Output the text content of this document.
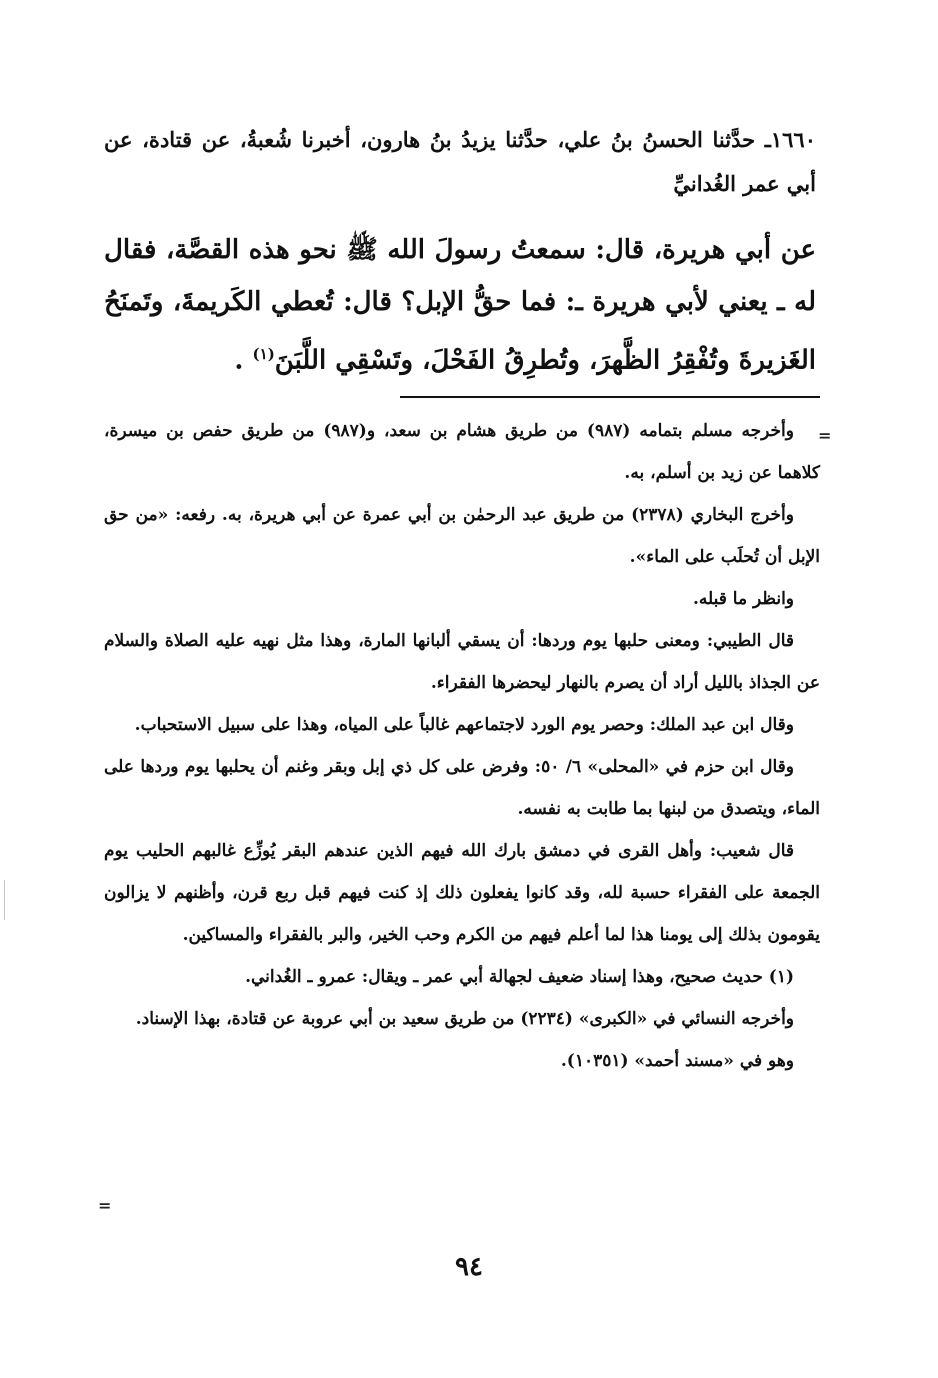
١٦٦٠ـ حدَّثنا الحسنُ بنُ علي، حدَّثنا يزيدُ بنُ هارون، أخبرنا شُعبةُ، عن قتادة، عن أبي عمر الغُدانيِّ

عن أبي هريرة، قال: سمعتُ رسولَ الله ﷺ نحو هذه القصَّة، فقال له ـ يعني لأبي هريرة ـ: فما حقُّ الإبل؟ قال: تُعطي الكَريمةَ، وتَمنَحُ الغَزيرةَ وتُفْقِرُ الظَّهرَ، وتُطرِقُ الفَحْلَ، وتَسْقِي اللَّبَنَ$^{(١)}$ .

=

وأخرجه مسلم بتمامه (٩٨٧) من طريق هشام بن سعد، و(٩٨٧) من طريق حفص بن ميسرة، كلاهما عن زيد بن أسلم، به.

وأخرج البخاري (٢٣٧٨) من طريق عبد الرحمٰن بن أبي عمرة عن أبي هريرة، به. رفعه: «من حق الإبل أن تُحلَب على الماء».

وانظر ما قبله.

قال الطيبي: ومعنى حلبها يوم وردها: أن يسقي ألبانها المارة، وهذا مثل نهيه عليه الصلاة والسلام عن الجذاذ بالليل أراد أن يصرم بالنهار ليحضرها الفقراء.

وقال ابن عبد الملك: وحصر يوم الورد لاجتماعهم غالباً على المياه، وهذا على سبيل الاستحباب.

وقال ابن حزم في «المحلى» ٦/ ٥٠: وفرض على كل ذي إبل وبقر وغنم أن يحلبها يوم وردها على الماء، ويتصدق من لبنها بما طابت به نفسه.

قال شعيب: وأهل القرى في دمشق بارك الله فيهم الذين عندهم البقر يُوزِّع غالبهم الحليب يوم الجمعة على الفقراء حسبة لله، وقد كانوا يفعلون ذلك إذ كنت فيهم قبل ربع قرن، وأظنهم لا يزالون يقومون بذلك إلى يومنا هذا لما أعلم فيهم من الكرم وحب الخير، والبر بالفقراء والمساكين.

(١) حديث صحيح، وهذا إسناد ضعيف لجهالة أبي عمر ـ ويقال: عمرو ـ الغُداني.

وأخرجه النسائي في «الكبرى» (٢٢٣٤) من طريق سعيد بن أبي عروبة عن قتادة، بهذا الإسناد.

وهو في «مسند أحمد» (١٠٣٥١).

=
٩٤
